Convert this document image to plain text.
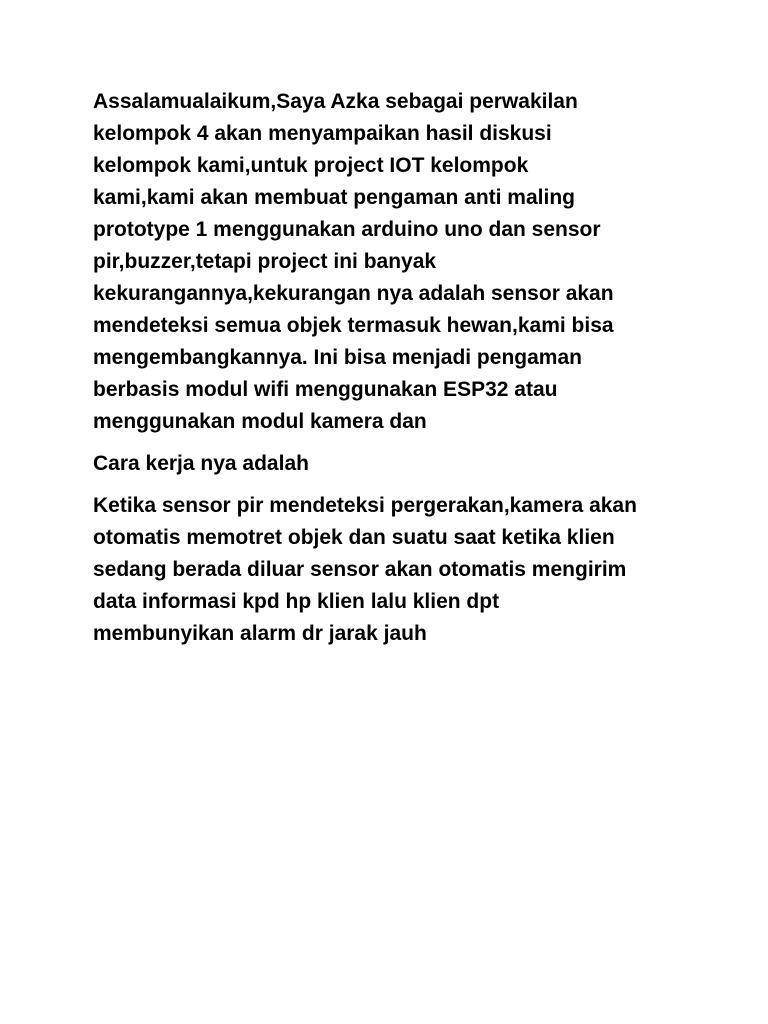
Assalamualaikum,Saya Azka sebagai perwakilan
kelompok 4 akan menyampaikan hasil diskusi
kelompok kami,untuk project IOT kelompok
kami,kami akan membuat pengaman anti maling
prototype 1 menggunakan arduino uno dan sensor
pir,buzzer,tetapi project ini banyak
kekurangannya,kekurangan nya adalah sensor akan
mendeteksi semua objek termasuk hewan,kami bisa
mengembangkannya. Ini bisa menjadi pengaman
berbasis modul wifi menggunakan ESP32 atau
menggunakan modul kamera dan

Cara kerja nya adalah

Ketika sensor pir mendeteksi pergerakan,kamera akan
otomatis memotret objek dan suatu saat ketika klien
sedang berada diluar sensor akan otomatis mengirim
data informasi kpd hp klien lalu klien dpt
membunyikan alarm dr jarak jauh
